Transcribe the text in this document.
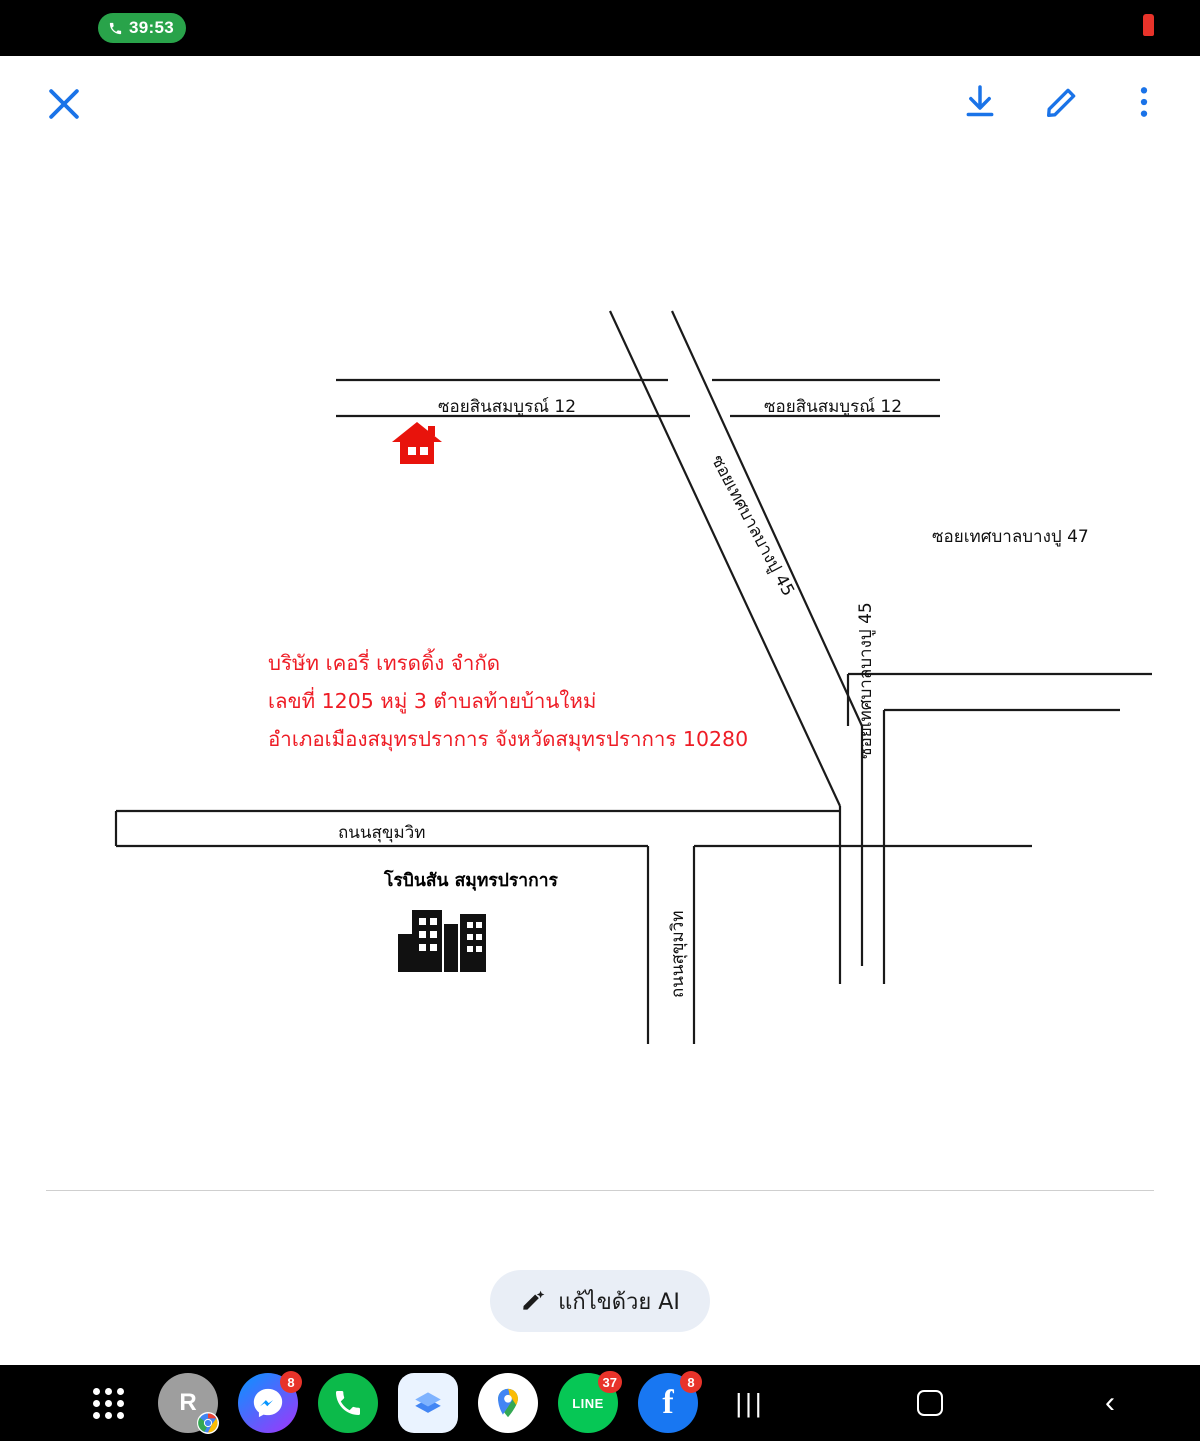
39:53
บริษัท เคอรี่ เทรดดิ้ง จำกัด
เลขที่ 1205 หมู่ 3 ตำบลท้ายบ้านใหม่
อำเภอเมืองสมุทรปราการ จังหวัดสมุทรปราการ 10280
โรบินสัน สมุทรปราการ
ซอยสินสมบูรณ์ 12	ซอยสินสมบูรณ์ 12
ซอยเทศบาลบางปู 45	ซอยเทศบาลบางปู 47
ซอยเทศบาลบางปู 45
ถนนสุขุมวิท
ถนนสุขุมวิท
แก้ไขด้วย AI
R
8
LINE
37
f
8
|||	‹
